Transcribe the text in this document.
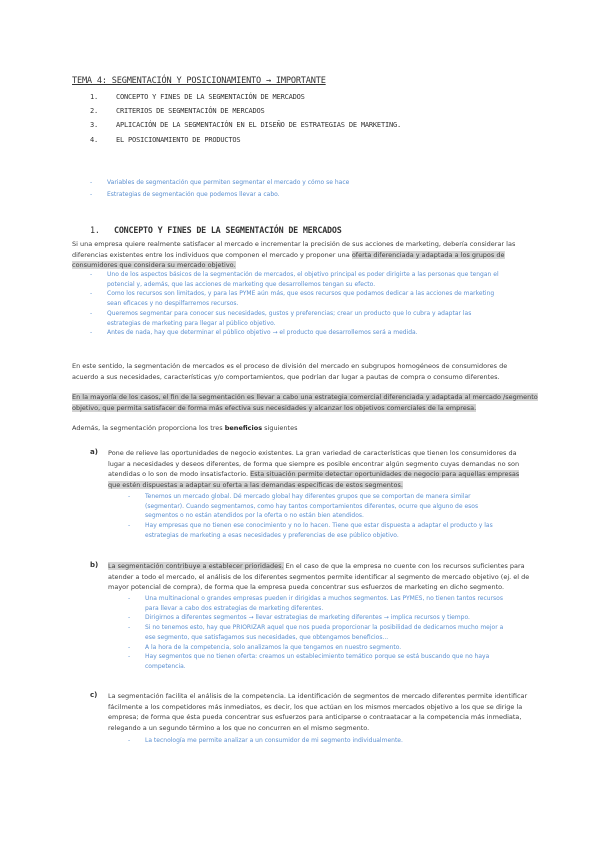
TEMA 4: SEGMENTACIÓN Y POSICIONAMIENTO → IMPORTANTE
1.	CONCEPTO Y FINES DE LA SEGMENTACIÓN DE MERCADOS
2.	CRITERIOS DE SEGMENTACIÓN DE MERCADOS
3.	APLICACIÓN DE LA SEGMENTACIÓN EN EL DISEÑO DE ESTRATEGIAS DE MARKETING.
4.	EL POSICIONAMIENTO DE PRODUCTOS
- Variables de segmentación que permiten segmentar el mercado y cómo se hace
- Estrategias de segmentación que podemos llevar a cabo.
1. CONCEPTO Y FINES DE LA SEGMENTACIÓN DE MERCADOS
Si una empresa quiere realmente satisfacer al mercado e incrementar la precisión de sus acciones de marketing, debería considerar las
diferencias existentes entre los individuos que componen el mercado y proponer una oferta diferenciada y adaptada a los grupos de
consumidores que considera su mercado objetivo.
- Uno de los aspectos básicos de la segmentación de mercados, el objetivo principal es poder dirigirte a las personas que tengan el
potencial y, además, que las acciones de marketing que desarrollemos tengan su efecto.
- Como los recursos son limitados, y para las PYME aún más, que esos recursos que podamos dedicar a las acciones de marketing
sean eficaces y no despilfarremos recursos.
- Queremos segmentar para conocer sus necesidades, gustos y preferencias; crear un producto que lo cubra y adaptar las
estrategias de marketing para llegar al público objetivo.
- Antes de nada, hay que determinar el público objetivo → el producto que desarrollemos será a medida.
En este sentido, la segmentación de mercados es el proceso de división del mercado en subgrupos homogéneos de consumidores de
acuerdo a sus necesidades, características y/o comportamientos, que podrían dar lugar a pautas de compra o consumo diferentes.
En la mayoría de los casos, el fin de la segmentación es llevar a cabo una estrategia comercial diferenciada y adaptada al mercado /segmento
objetivo, que permita satisfacer de forma más efectiva sus necesidades y alcanzar los objetivos comerciales de la empresa.
Además, la segmentación proporciona los tres beneficios siguientes
a) Pone de relieve las oportunidades de negocio existentes. La gran variedad de características que tienen los consumidores da
lugar a necesidades y deseos diferentes, de forma que siempre es posible encontrar algún segmento cuyas demandas no son
atendidas o lo son de modo insatisfactorio. Esta situación permite detectar oportunidades de negocio para aquellas empresas
que estén dispuestas a adaptar su oferta a las demandas específicas de estos segmentos.
- Tenemos un mercado global. Dé mercado global hay diferentes grupos que se comportan de manera similar
(segmentar). Cuando segmentamos, como hay tantos comportamientos diferentes, ocurre que alguno de esos
segmentos o no están atendidos por la oferta o no están bien atendidos.
- Hay empresas que no tienen ese conocimiento y no lo hacen. Tiene que estar dispuesta a adaptar el producto y las
estrategias de marketing a esas necesidades y preferencias de ese público objetivo.
b) La segmentación contribuye a establecer prioridades. En el caso de que la empresa no cuente con los recursos suficientes para
atender a todo el mercado, el análisis de los diferentes segmentos permite identificar al segmento de mercado objetivo (ej. el de
mayor potencial de compra), de forma que la empresa pueda concentrar sus esfuerzos de marketing en dicho segmento.
- Una multinacional o grandes empresas pueden ir dirigidas a muchos segmentos. Las PYMES, no tienen tantos recursos
para llevar a cabo dos estrategias de marketing diferentes.
- Dirigirnos a diferentes segmentos → llevar estrategias de marketing diferentes → implica recursos y tiempo.
- Si no tenemos esto, hay que PRIORIZAR aquel que nos pueda proporcionar la posibilidad de dedicarnos mucho mejor a
ese segmento, que satisfagamos sus necesidades, que obtengamos beneficios...
- A la hora de la competencia, solo analizamos la que tengamos en nuestro segmento.
- Hay segmentos que no tienen oferta: creamos un establecimiento temático porque se está buscando que no haya
competencia.
c) La segmentación facilita el análisis de la competencia. La identificación de segmentos de mercado diferentes permite identificar
fácilmente a los competidores más inmediatos, es decir, los que actúan en los mismos mercados objetivo a los que se dirige la
empresa; de forma que ésta pueda concentrar sus esfuerzos para anticiparse o contraatacar a la competencia más inmediata,
relegando a un segundo término a los que no concurren en el mismo segmento.
- La tecnología me permite analizar a un consumidor de mi segmento individualmente.
